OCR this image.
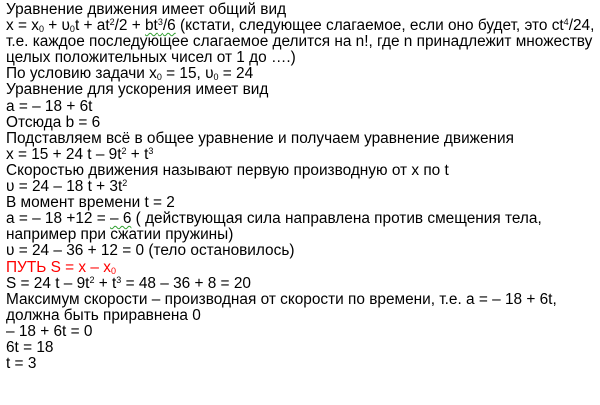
Уравнение движения имеет общий вид
$x = x_0 + \upsilon_0t + at^2/2 + bt^3/6$ (кстати, следующее слагаемое, если оно будет, это $ct^4/24$,
т.е. каждое последующее слагаемое делится на n!, где n принадлежит множеству целых положительных чисел от 1 до ….)
По условию задачи $x_0 = 15$, $\upsilon_0 = 24$
Уравнение для ускорения имеет вид
a = – 18 + 6t
Отсюда b = 6
Подставляем всё в общее уравнение и получаем уравнение движения
x = 15 + 24 $t - 9t^2 + t^3$
Скоростью движения называют первую производную от x по t
υ = 24 – 18 $t + 3t^2$
В момент времени t = 2
a = – 18 +12 = – 6 ( действующая сила направлена против смещения тела, например при сжатии пружины)
υ = 24 – 36 + 12 = 0 (тело остановилось)
ПУТЬ $S = x - x_0$
S = 24 $t - 9t^2 + t^3 = 48 - 36 + 8 = 20$
Максимум скорости – производная от скорости по времени, т.е. a = – 18 + 6t, должна быть приравнена 0
– 18 + 6t = 0
6t = 18
t = 3
